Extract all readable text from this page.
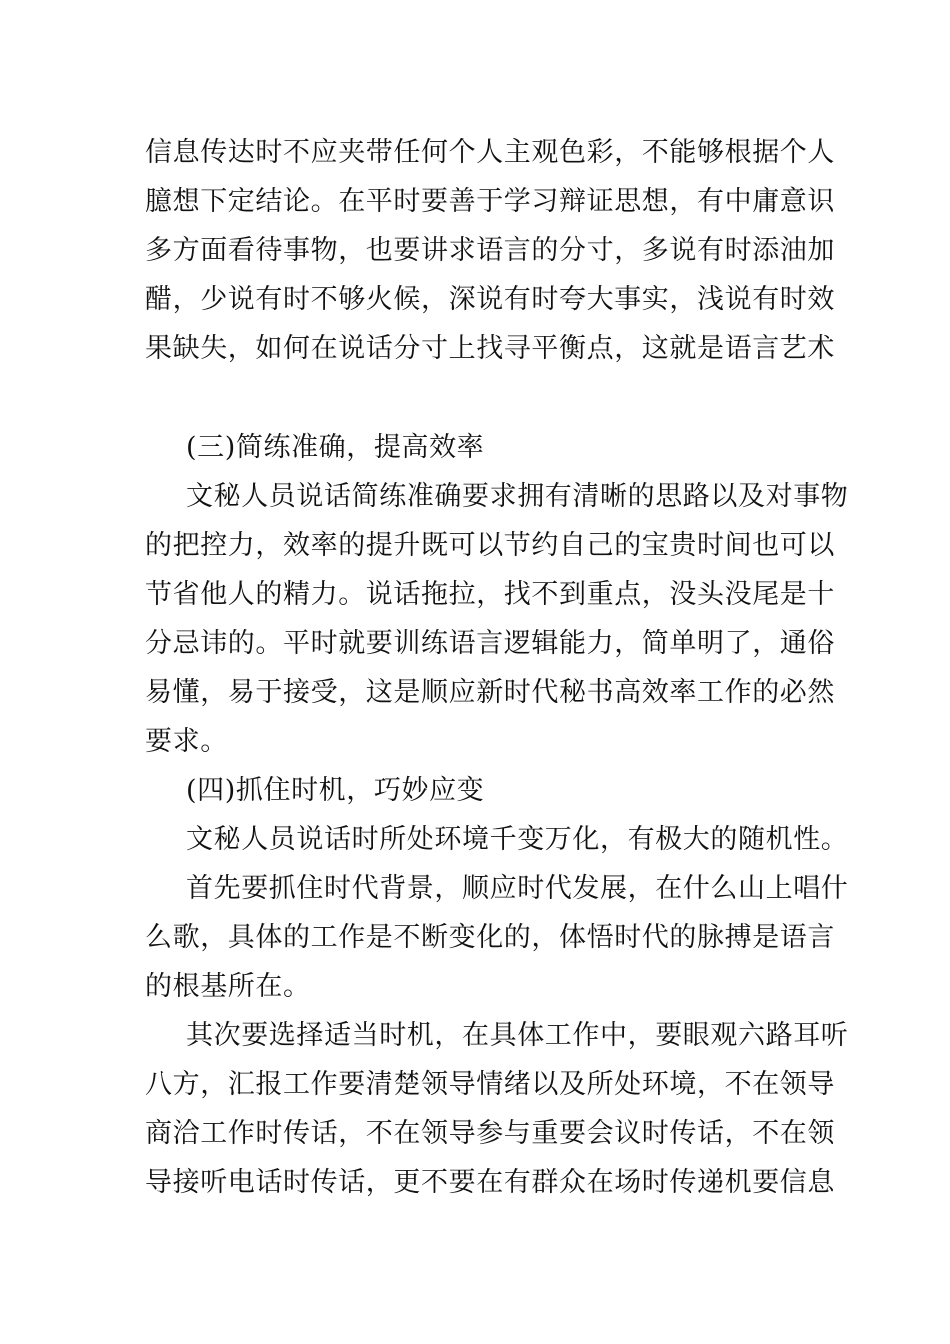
信息传达时不应夹带任何个人主观色彩，不能够根据个人
臆想下定结论。在平时要善于学习辩证思想，有中庸意识
多方面看待事物，也要讲求语言的分寸，多说有时添油加
醋，少说有时不够火候，深说有时夸大事实，浅说有时效
果缺失，如何在说话分寸上找寻平衡点，这就是语言艺术
(三)简练准确，提高效率
文秘人员说话简练准确要求拥有清晰的思路以及对事物
的把控力，效率的提升既可以节约自己的宝贵时间也可以
节省他人的精力。说话拖拉，找不到重点，没头没尾是十
分忌讳的。平时就要训练语言逻辑能力，简单明了，通俗
易懂，易于接受，这是顺应新时代秘书高效率工作的必然
要求。
(四)抓住时机，巧妙应变
文秘人员说话时所处环境千变万化，有极大的随机性。
首先要抓住时代背景，顺应时代发展，在什么山上唱什
么歌，具体的工作是不断变化的，体悟时代的脉搏是语言
的根基所在。
其次要选择适当时机，在具体工作中，要眼观六路耳听
八方，汇报工作要清楚领导情绪以及所处环境，不在领导
商洽工作时传话，不在领导参与重要会议时传话，不在领
导接听电话时传话，更不要在有群众在场时传递机要信息
